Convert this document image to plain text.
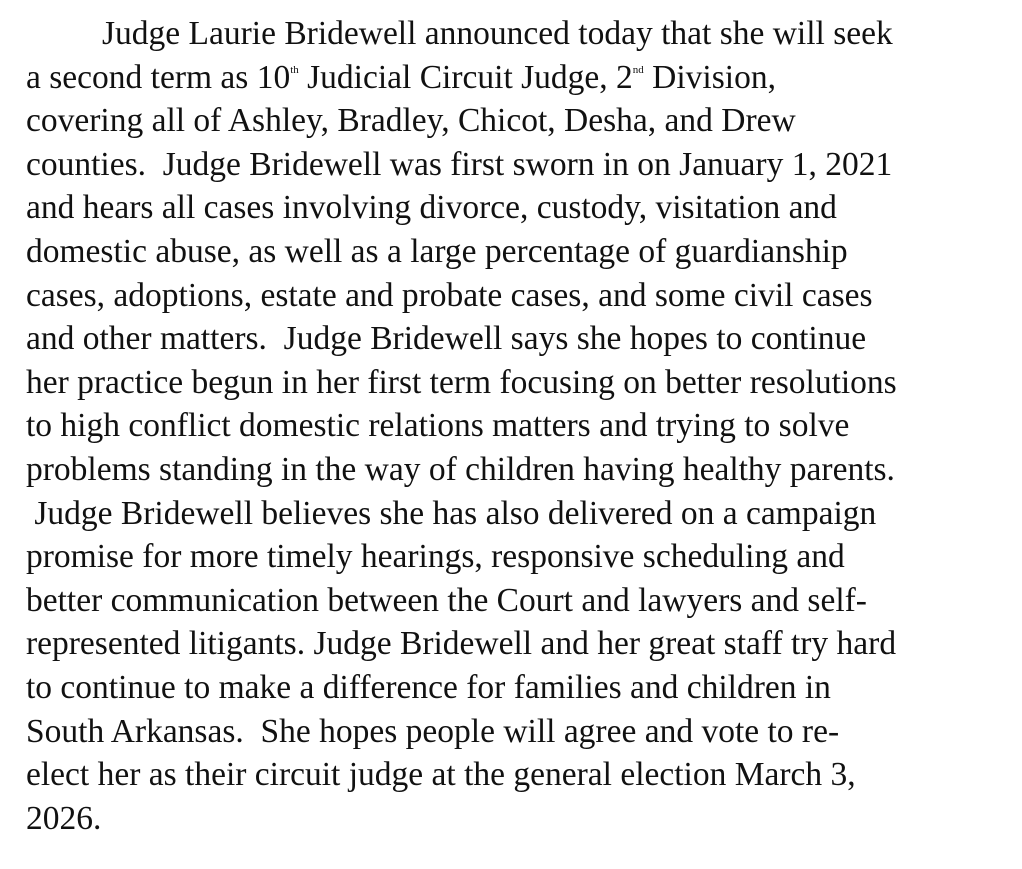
Judge Laurie Bridewell announced today that she will seek
a second term as 10th Judicial Circuit Judge, 2nd Division,
covering all of Ashley, Bradley, Chicot, Desha, and Drew
counties.  Judge Bridewell was first sworn in on January 1, 2021
and hears all cases involving divorce, custody, visitation and
domestic abuse, as well as a large percentage of guardianship
cases, adoptions, estate and probate cases, and some civil cases
and other matters.  Judge Bridewell says she hopes to continue
her practice begun in her first term focusing on better resolutions
to high conflict domestic relations matters and trying to solve
problems standing in the way of children having healthy parents.
Judge Bridewell believes she has also delivered on a campaign
promise for more timely hearings, responsive scheduling and
better communication between the Court and lawyers and self-
represented litigants. Judge Bridewell and her great staff try hard
to continue to make a difference for families and children in
South Arkansas.  She hopes people will agree and vote to re-
elect her as their circuit judge at the general election March 3,
2026.
